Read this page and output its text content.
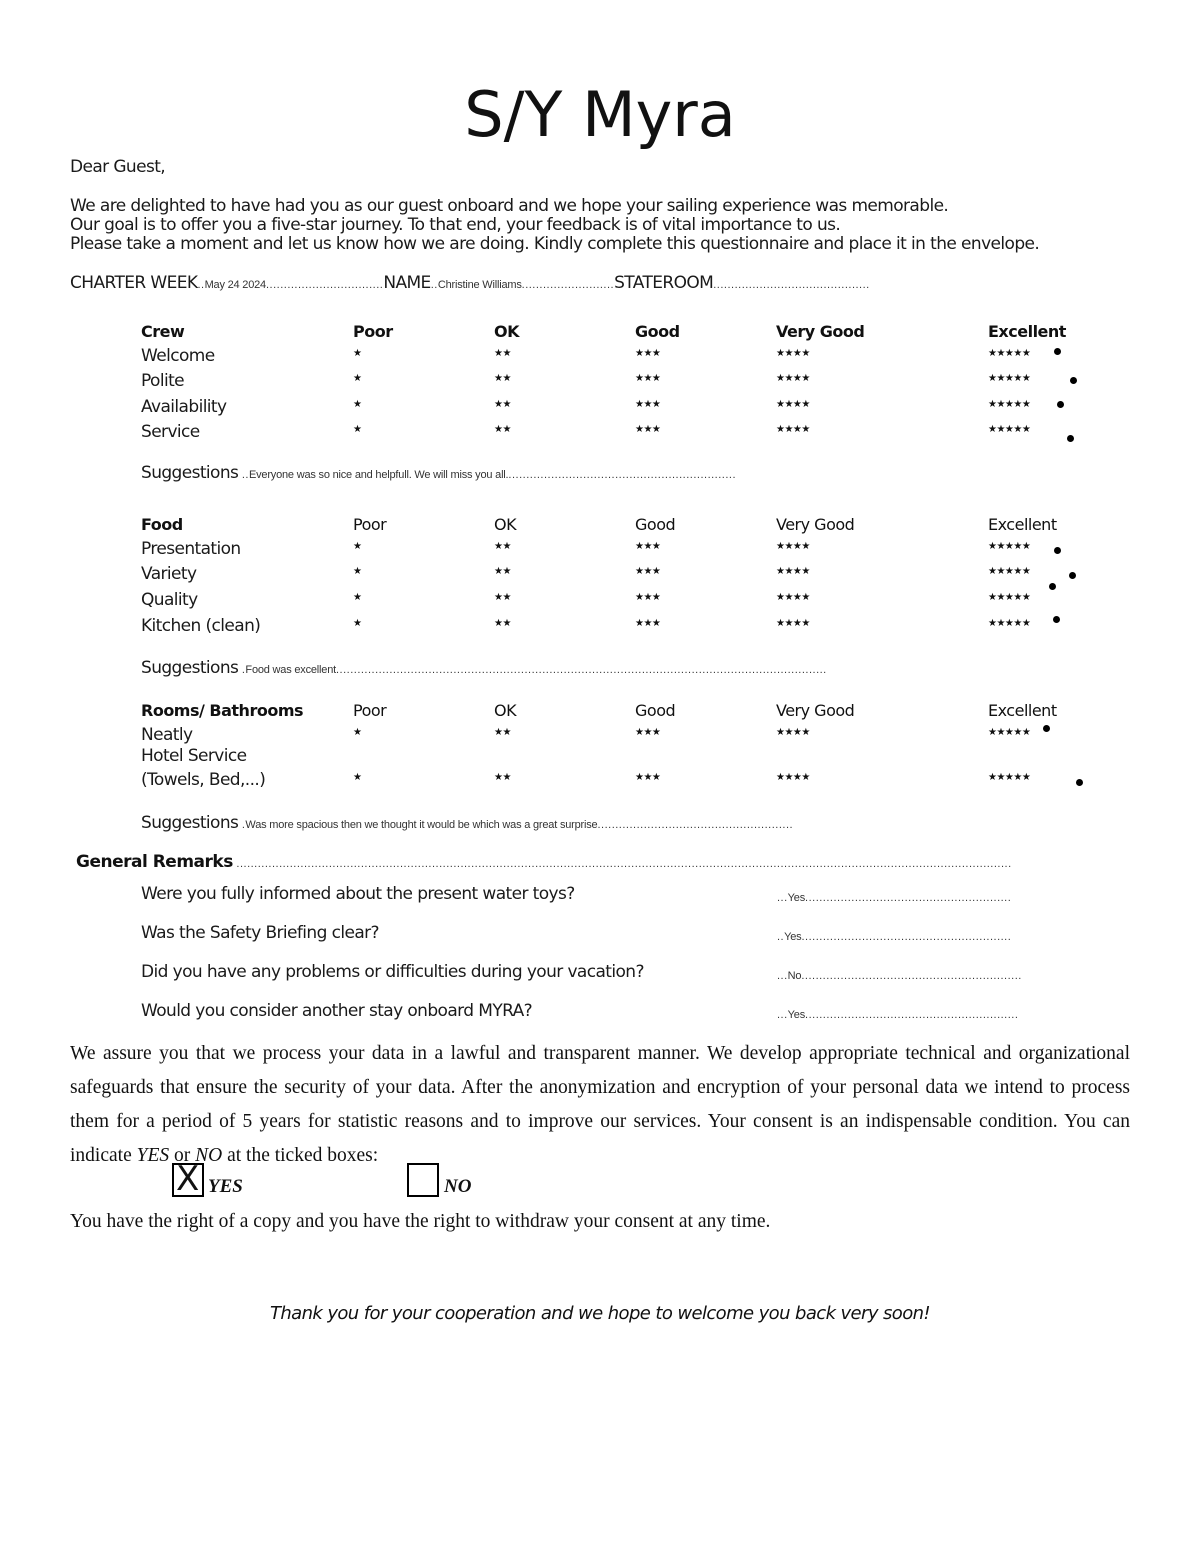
S/Y Myra
Dear Guest,
We are delighted to have had you as our guest onboard and we hope your sailing experience was memorable.
Our goal is to offer you a five-star journey. To that end, your feedback is of vital importance to us.
Please take a moment and let us know how we are doing. Kindly complete this questionnaire and place it in the envelope.
CHARTER WEEK..May 24 2024.................................NAME..Christine Williams..........................STATEROOM............................................
Crew	Poor	OK	Good	Very Good	Excellent
Welcome	★	★★	★★★	★★★★	★★★★★
Polite	★	★★	★★★	★★★★	★★★★★
Availability	★	★★	★★★	★★★★	★★★★★
Service	★	★★	★★★	★★★★	★★★★★
Suggestions ..Everyone was so nice and helpfull. We will miss you all.................................................................
Food	Poor	OK	Good	Very Good	Excellent
Presentation	★	★★	★★★	★★★★	★★★★★
Variety	★	★★	★★★	★★★★	★★★★★
Quality	★	★★	★★★	★★★★	★★★★★
Kitchen (clean)	★	★★	★★★	★★★★	★★★★★
Suggestions .Food was excellent..........................................................................................................................................
Rooms/ Bathrooms	Poor	OK	Good	Very Good	Excellent
Neatly	★	★★	★★★	★★★★	★★★★★
Hotel Service
(Towels, Bed,...)	★	★★	★★★	★★★★	★★★★★
Suggestions .Was more spacious then we thought it would be which was a great surprise.......................................................
General Remarks ..........................................................................................................................................................................................................................
Were you fully informed about the present water toys?	...Yes..........................................................
Was the Safety Briefing clear?	..Yes...........................................................
Did you have any problems or difficulties during your vacation?	...No..............................................................
Would you consider another stay onboard MYRA?	...Yes............................................................
We assure you that we process your data in a lawful and transparent manner. We develop appropriate technical and organizational safeguards that ensure the security of your data. After the anonymization and encryption of your personal data we intend to process them for a period of 5 years for statistic reasons and to improve our services. Your consent is an indispensable condition. You can indicate YES or NO at the ticked boxes:
X YES	NO
You have the right of a copy and you have the right to withdraw your consent at any time.
Thank you for your cooperation and we hope to welcome you back very soon!
